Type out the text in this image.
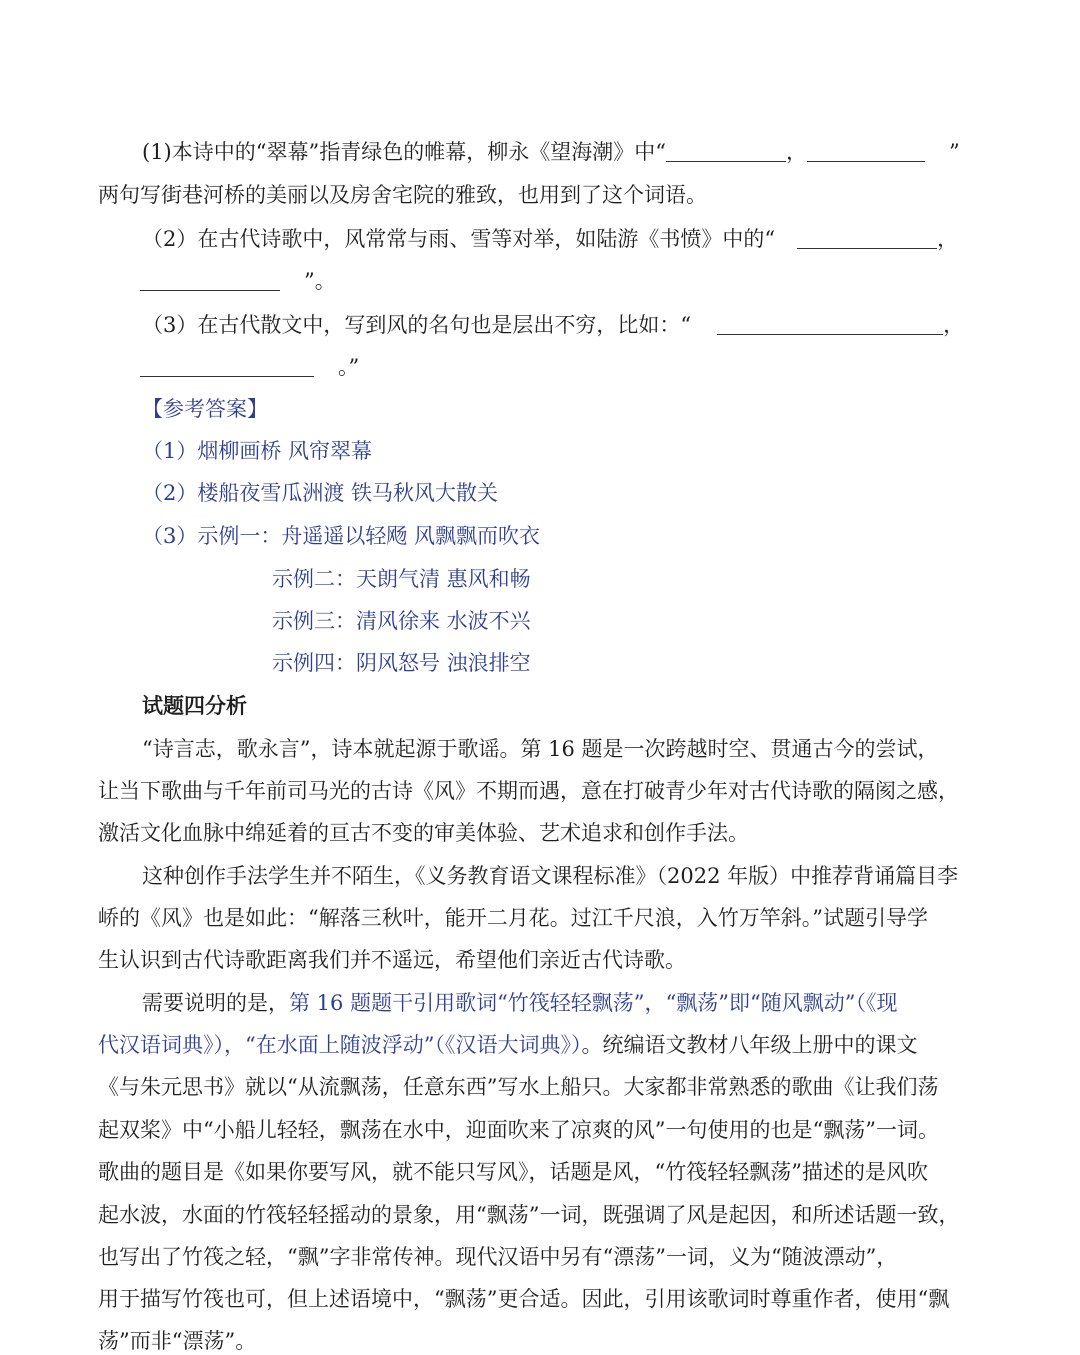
(1)本诗中的“翠幕”指青绿色的帷幕，柳永《望海潮》中“	，	”
两句写街巷河桥的美丽以及房舍宅院的雅致，也用到了这个词语。
（2）在古代诗歌中，风常常与雨、雪等对举，如陆游《书愤》中的“	，
”。
（3）在古代散文中，写到风的名句也是层出不穷，比如：“	，
。”
【参考答案】
（1）烟柳画桥 风帘翠幕
（2）楼船夜雪瓜洲渡 铁马秋风大散关
（3）示例一：舟遥遥以轻飏 风飘飘而吹衣
示例二：天朗气清 惠风和畅
示例三：清风徐来 水波不兴
示例四：阴风怒号 浊浪排空
试题四分析
“诗言志，歌永言”，诗本就起源于歌谣。第 16 题是一次跨越时空、贯通古今的尝试，
让当下歌曲与千年前司马光的古诗《风》不期而遇，意在打破青少年对古代诗歌的隔阂之感，
激活文化血脉中绵延着的亘古不变的审美体验、艺术追求和创作手法。
这种创作手法学生并不陌生，《义务教育语文课程标准》（2022 年版）中推荐背诵篇目李
峤的《风》也是如此：“解落三秋叶，能开二月花。过江千尺浪，入竹万竿斜。”试题引导学
生认识到古代诗歌距离我们并不遥远，希望他们亲近古代诗歌。
需要说明的是，第 16 题题干引用歌词“竹筏轻轻飘荡”，“飘荡”即“随风飘动”（《现
代汉语词典》），“在水面上随波浮动”（《汉语大词典》）。统编语文教材八年级上册中的课文
《与朱元思书》就以“从流飘荡，任意东西”写水上船只。大家都非常熟悉的歌曲《让我们荡
起双桨》中“小船儿轻轻，飘荡在水中，迎面吹来了凉爽的风”一句使用的也是“飘荡”一词。
歌曲的题目是《如果你要写风，就不能只写风》，话题是风，“竹筏轻轻飘荡”描述的是风吹
起水波，水面的竹筏轻轻摇动的景象，用“飘荡”一词，既强调了风是起因，和所述话题一致，
也写出了竹筏之轻，“飘”字非常传神。现代汉语中另有“漂荡”一词，义为“随波漂动”，
用于描写竹筏也可，但上述语境中，“飘荡”更合适。因此，引用该歌词时尊重作者，使用“飘
荡”而非“漂荡”。
